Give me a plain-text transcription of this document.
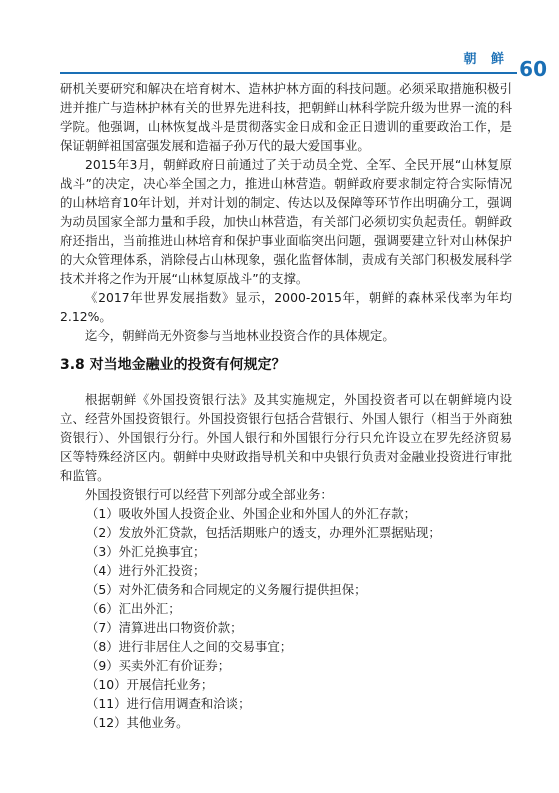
朝 鲜 60

研机关要研究和解决在培育树木、造林护林方面的科技问题。必须采取措施积极引进并推广与造林护林有关的世界先进科技，把朝鲜山林科学院升级为世界一流的科学院。他强调，山林恢复战斗是贯彻落实金日成和金正日遗训的重要政治工作，是保证朝鲜祖国富强发展和造福子孙万代的最大爱国事业。

2015年3月，朝鲜政府日前通过了关于动员全党、全军、全民开展“山林复原战斗”的决定，决心举全国之力，推进山林营造。朝鲜政府要求制定符合实际情况的山林培育10年计划，并对计划的制定、传达以及保障等环节作出明确分工，强调为动员国家全部力量和手段，加快山林营造，有关部门必须切实负起责任。朝鲜政府还指出，当前推进山林培育和保护事业面临突出问题，强调要建立针对山林保护的大众管理体系，消除侵占山林现象，强化监督体制，责成有关部门积极发展科学技术并将之作为开展“山林复原战斗”的支撑。

《2017年世界发展指数》显示，2000-2015年，朝鲜的森林采伐率为年均2.12%。

迄今，朝鲜尚无外资参与当地林业投资合作的具体规定。

3.8 对当地金融业的投资有何规定？

根据朝鲜《外国投资银行法》及其实施规定，外国投资者可以在朝鲜境内设立、经营外国投资银行。外国投资银行包括合营银行、外国人银行（相当于外商独资银行）、外国银行分行。外国人银行和外国银行分行只允许设立在罗先经济贸易区等特殊经济区内。朝鲜中央财政指导机关和中央银行负责对金融业投资进行审批和监管。

外国投资银行可以经营下列部分或全部业务：

（1）吸收外国人投资企业、外国企业和外国人的外汇存款；
（2）发放外汇贷款，包括活期账户的透支，办理外汇票据贴现；
（3）外汇兑换事宜；
（4）进行外汇投资；
（5）对外汇债务和合同规定的义务履行提供担保；
（6）汇出外汇；
（7）清算进出口物资价款；
（8）进行非居住人之间的交易事宜；
（9）买卖外汇有价证券；
（10）开展信托业务；
（11）进行信用调查和洽谈；
（12）其他业务。
